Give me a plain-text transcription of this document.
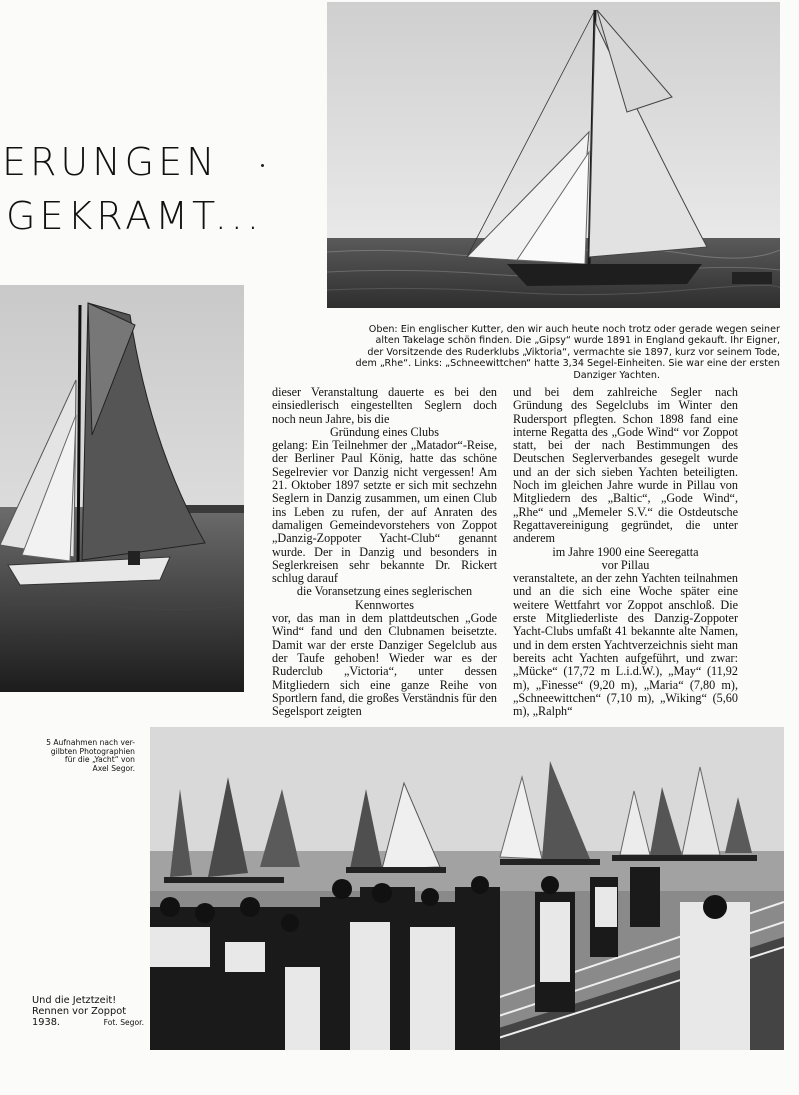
ERUNGEN
GEKRAMT...
Oben: Ein englischer Kutter, den wir auch heute noch trotz oder gerade wegen seiner
alten Takelage schön finden. Die „Gipsy“ wurde 1891 in England gekauft. Ihr Eigner,
der Vorsitzende des Ruderklubs „Viktoria“, vermachte sie 1897, kurz vor seinem Tode,
dem „Rhe“. Links: „Schneewittchen“ hatte 3,34 Segel-Einheiten. Sie war eine der ersten
Danziger Yachten.

dieser Veranstaltung dauerte es bei den einsiedlerisch eingestellten Seglern doch noch neun Jahre, bis die

Gründung eines Clubs

gelang: Ein Teilnehmer der „Matador“-Reise, der Berliner Paul König, hatte das schöne Segelrevier vor Danzig nicht vergessen! Am 21. Oktober 1897 setzte er sich mit sechzehn Seglern in Danzig zusammen, um einen Club ins Leben zu rufen, der auf Anraten des damaligen Gemeindevorstehers von Zoppot „Danzig-Zoppoter Yacht-Club“ genannt wurde. Der in Danzig und besonders in Seglerkreisen sehr bekannte Dr. Rickert schlug darauf

die Voransetzung eines seglerischen
Kennwortes

vor, das man in dem plattdeutschen „Gode Wind“ fand und den Clubnamen beisetzte. Damit war der erste Danziger Segelclub aus der Taufe gehoben! Wieder war es der Ruderclub „Victoria“, unter dessen Mitgliedern sich eine ganze Reihe von Sportlern fand, die großes Verständnis für den Segelsport zeigten

und bei dem zahlreiche Segler nach Gründung des Segelclubs im Winter den Rudersport pflegten. Schon 1898 fand eine interne Regatta des „Gode Wind“ vor Zoppot statt, bei der nach Bestimmungen des Deutschen Seglerverbandes gesegelt wurde und an der sich sieben Yachten beteiligten. Noch im gleichen Jahre wurde in Pillau von Mitgliedern des „Baltic“, „Gode Wind“, „Rhe“ und „Memeler S.V.“ die Ostdeutsche Regattavereinigung gegründet, die unter anderem

im Jahre 1900 eine Seeregatta
vor Pillau

veranstaltete, an der zehn Yachten teilnahmen und an die sich eine Woche später eine weitere Wettfahrt vor Zoppot anschloß. Die erste Mitgliederliste des Danzig-Zoppoter Yacht-Clubs umfaßt 41 bekannte alte Namen, und in dem ersten Yachtverzeichnis sieht man bereits acht Yachten aufgeführt, und zwar: „Mücke“ (17,72 m L.i.d.W.), „May“ (11,92 m), „Finesse“ (9,20 m), „Maria“ (7,80 m), „Schneewittchen“ (7,10 m), „Wiking“ (5,60 m), „Ralph“

5 Aufnahmen nach ver-
gilbten Photographien
für die „Yacht“ von
Axel Segor.
Und die Jetztzeit!
Rennen vor Zoppot
1938.	Fot. Segor.
